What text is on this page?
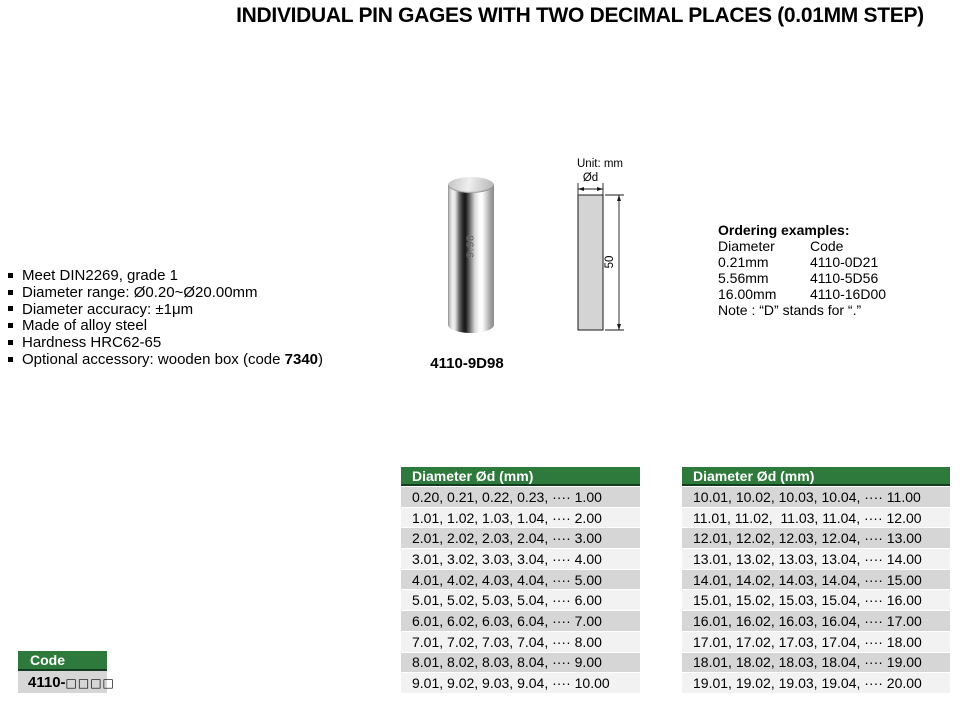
INDIVIDUAL PIN GAGES WITH TWO DECIMAL PLACES (0.01MM STEP)
Meet DIN2269, grade 1
Diameter range: Ø0.20~Ø20.00mm
Diameter accuracy: ±1μm
Made of alloy steel
Hardness HRC62-65
Optional accessory: wooden box (code 7340)
9.98
4110-9D98
Unit: mm
Ød
50
Ordering examples:
Diameter	Code
0.21mm	4110-0D21
5.56mm	4110-5D56
16.00mm	4110-16D00
Note : “D” stands for “.”
Diameter Ød (mm)
0.20, 0.21, 0.22, 0.23, ···· 1.00
1.01, 1.02, 1.03, 1.04, ···· 2.00
2.01, 2.02, 2.03, 2.04, ···· 3.00
3.01, 3.02, 3.03, 3.04, ···· 4.00
4.01, 4.02, 4.03, 4.04, ···· 5.00
5.01, 5.02, 5.03, 5.04, ···· 6.00
6.01, 6.02, 6.03, 6.04, ···· 7.00
7.01, 7.02, 7.03, 7.04, ···· 8.00
8.01, 8.02, 8.03, 8.04, ···· 9.00
9.01, 9.02, 9.03, 9.04, ···· 10.00
Diameter Ød (mm)
10.01, 10.02, 10.03, 10.04, ···· 11.00
11.01, 11.02,  11.03, 11.04, ···· 12.00
12.01, 12.02, 12.03, 12.04, ···· 13.00
13.01, 13.02, 13.03, 13.04, ···· 14.00
14.01, 14.02, 14.03, 14.04, ···· 15.00
15.01, 15.02, 15.03, 15.04, ···· 16.00
16.01, 16.02, 16.03, 16.04, ···· 17.00
17.01, 17.02, 17.03, 17.04, ···· 18.00
18.01, 18.02, 18.03, 18.04, ···· 19.00
19.01, 19.02, 19.03, 19.04, ···· 20.00
Code
4110- □□□□
